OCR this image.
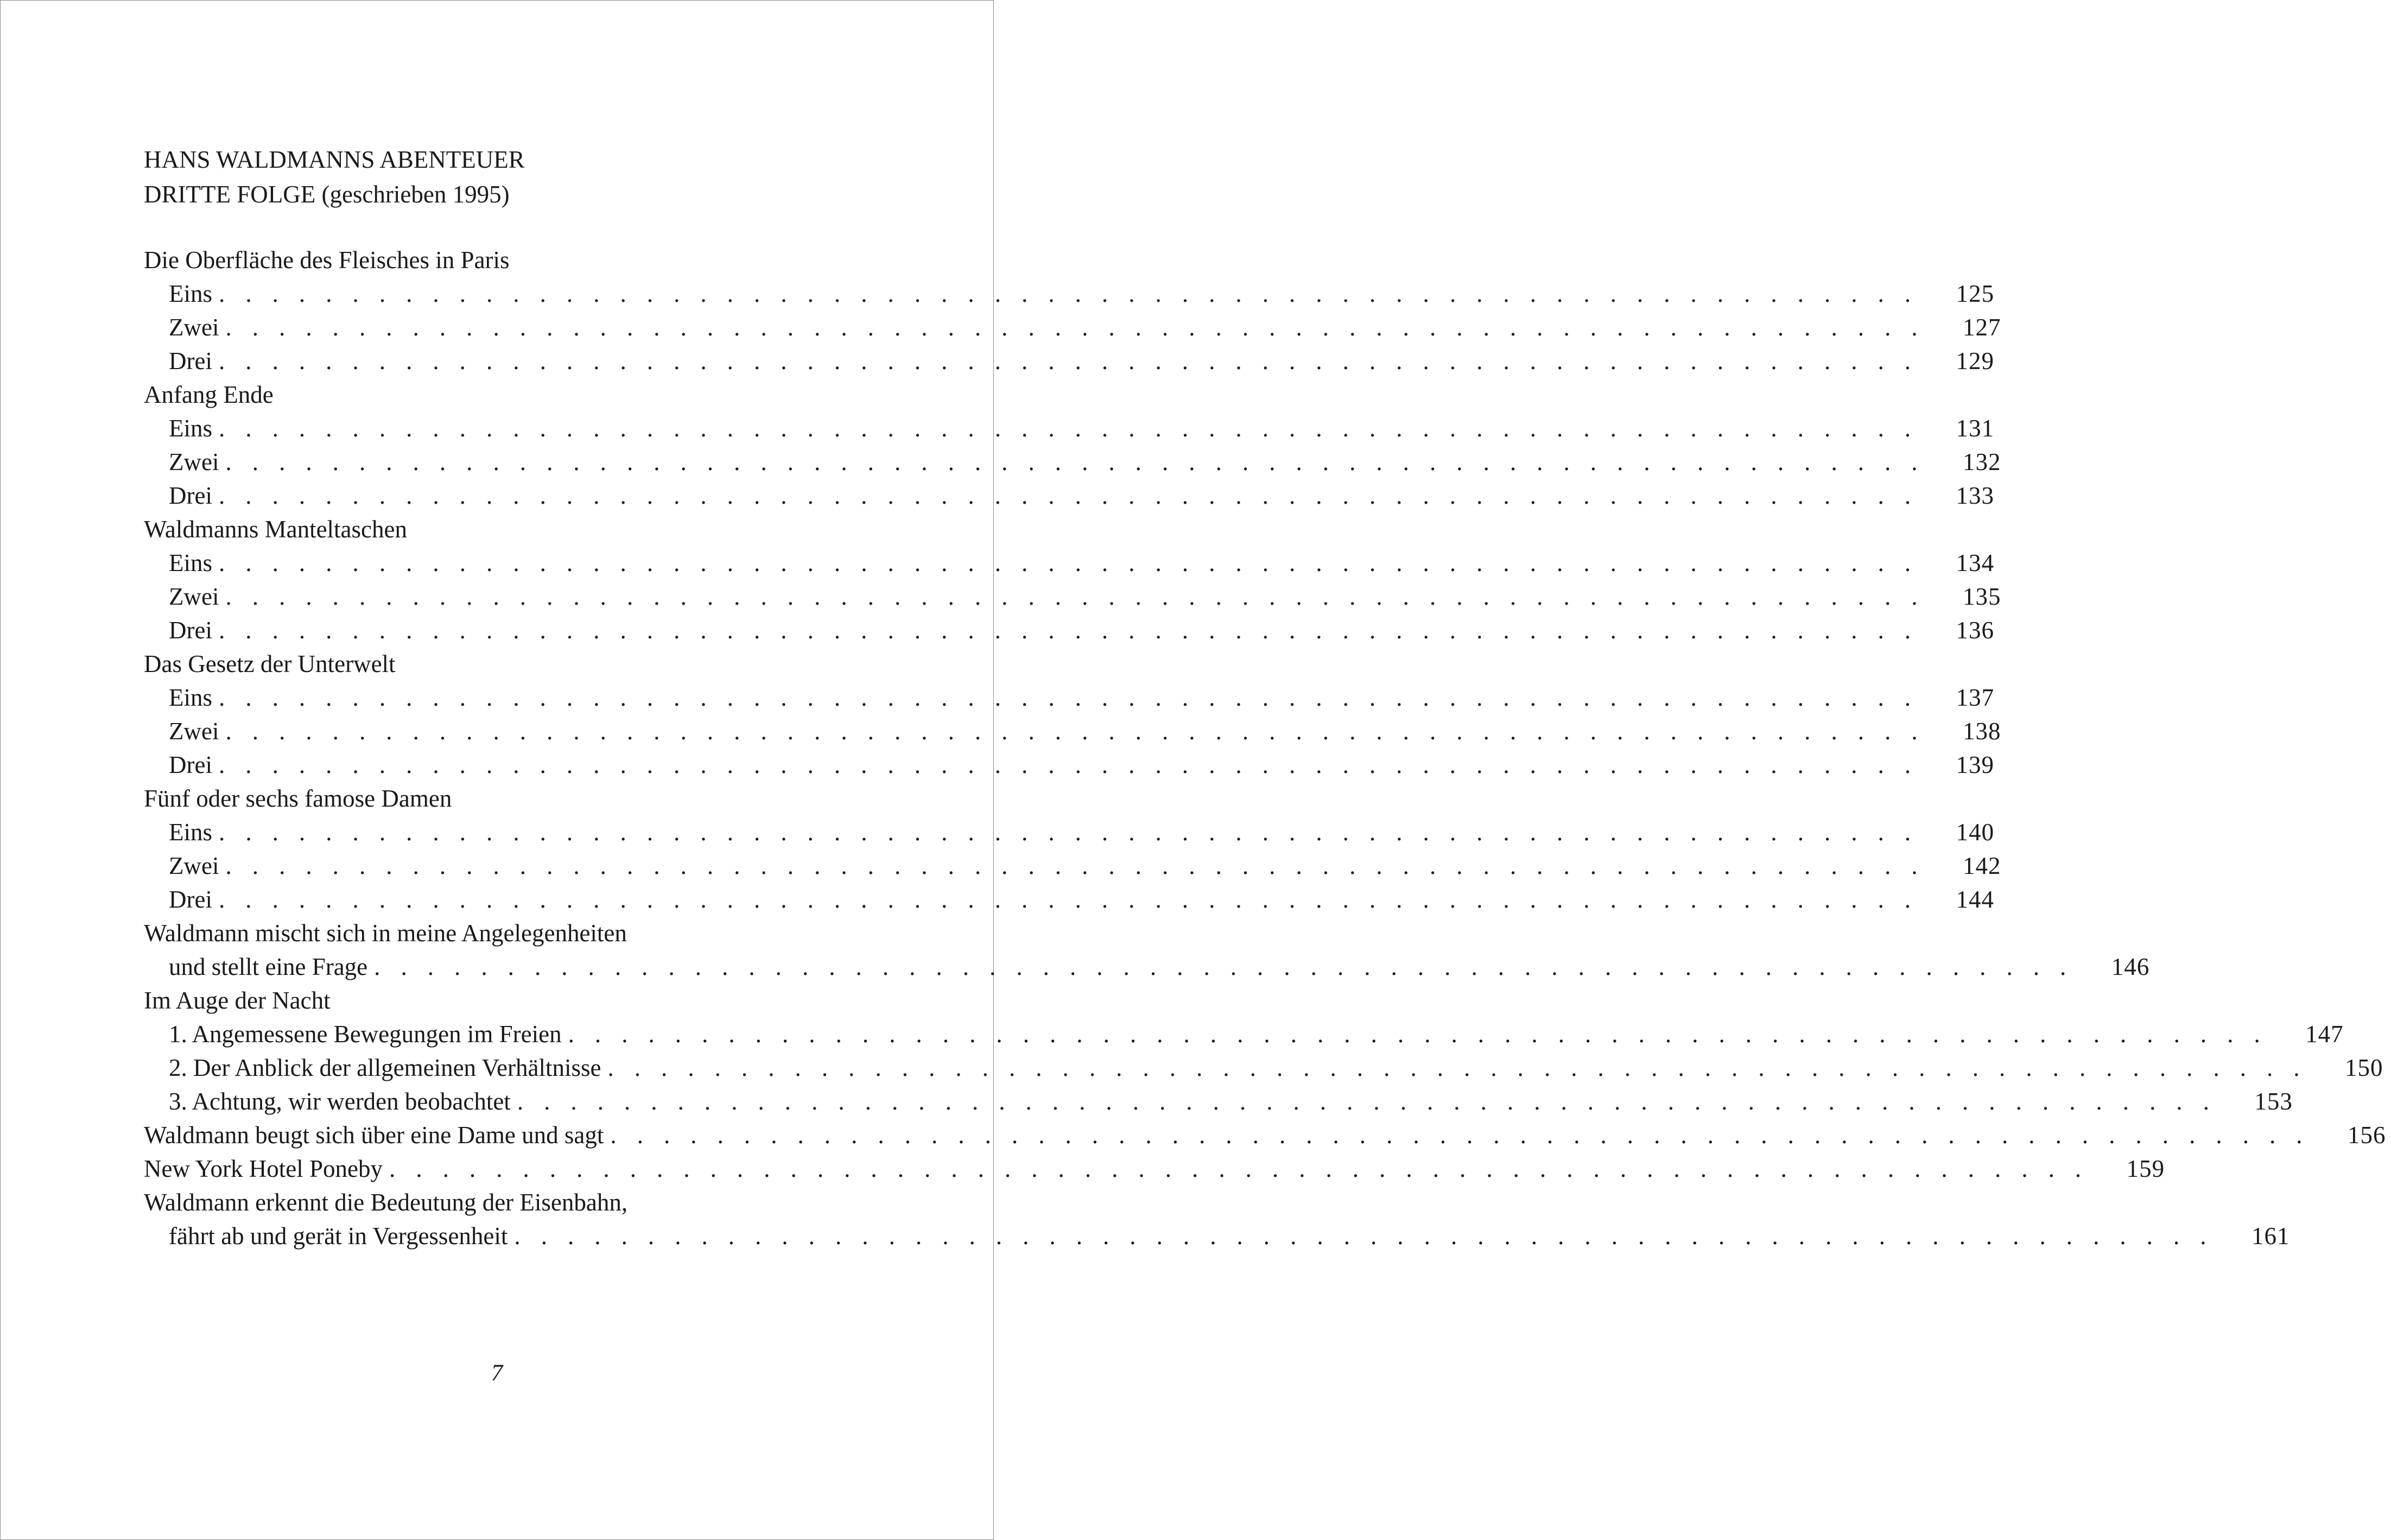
HANS WALDMANNS ABENTEUER
DRITTE FOLGE (geschrieben 1995)
Die Oberfläche des Fleisches in Paris
Eins . . . . . . . . . . . . . . . . . . . . . . . . . . . . . . . . . . . . . . . . . . . . . . . . . . . . . . . . . . . . . . . . 125
Zwei . . . . . . . . . . . . . . . . . . . . . . . . . . . . . . . . . . . . . . . . . . . . . . . . . . . . . . . . . . . . . . . . 127
Drei . . . . . . . . . . . . . . . . . . . . . . . . . . . . . . . . . . . . . . . . . . . . . . . . . . . . . . . . . . . . . . . . 129
Anfang Ende
Eins . . . . . . . . . . . . . . . . . . . . . . . . . . . . . . . . . . . . . . . . . . . . . . . . . . . . . . . . . . . . . . . . 131
Zwei . . . . . . . . . . . . . . . . . . . . . . . . . . . . . . . . . . . . . . . . . . . . . . . . . . . . . . . . . . . . . . . . 132
Drei . . . . . . . . . . . . . . . . . . . . . . . . . . . . . . . . . . . . . . . . . . . . . . . . . . . . . . . . . . . . . . . . 133
Waldmanns Manteltaschen
Eins . . . . . . . . . . . . . . . . . . . . . . . . . . . . . . . . . . . . . . . . . . . . . . . . . . . . . . . . . . . . . . . . 134
Zwei . . . . . . . . . . . . . . . . . . . . . . . . . . . . . . . . . . . . . . . . . . . . . . . . . . . . . . . . . . . . . . . . 135
Drei . . . . . . . . . . . . . . . . . . . . . . . . . . . . . . . . . . . . . . . . . . . . . . . . . . . . . . . . . . . . . . . . 136
Das Gesetz der Unterwelt
Eins . . . . . . . . . . . . . . . . . . . . . . . . . . . . . . . . . . . . . . . . . . . . . . . . . . . . . . . . . . . . . . . . 137
Zwei . . . . . . . . . . . . . . . . . . . . . . . . . . . . . . . . . . . . . . . . . . . . . . . . . . . . . . . . . . . . . . . . 138
Drei . . . . . . . . . . . . . . . . . . . . . . . . . . . . . . . . . . . . . . . . . . . . . . . . . . . . . . . . . . . . . . . . 139
Fünf oder sechs famose Damen
Eins . . . . . . . . . . . . . . . . . . . . . . . . . . . . . . . . . . . . . . . . . . . . . . . . . . . . . . . . . . . . . . . . 140
Zwei . . . . . . . . . . . . . . . . . . . . . . . . . . . . . . . . . . . . . . . . . . . . . . . . . . . . . . . . . . . . . . . . 142
Drei . . . . . . . . . . . . . . . . . . . . . . . . . . . . . . . . . . . . . . . . . . . . . . . . . . . . . . . . . . . . . . . . 144
Waldmann mischt sich in meine Angelegenheiten
und stellt eine Frage . . . . . . . . . . . . . . . . . . . . . . . . . . . . . . . . . . . . . . . . . . . . . . . . . . . . . . . . . . . . . . . . 146
Im Auge der Nacht
1. Angemessene Bewegungen im Freien . . . . . . . . . . . . . . . . . . . . . . . . . . . . . . . . . . . . . . . . . . . . . . . . . . . . . . . . . . . . . . . . 147
2. Der Anblick der allgemeinen Verhältnisse . . . . . . . . . . . . . . . . . . . . . . . . . . . . . . . . . . . . . . . . . . . . . . . . . . . . . . . . . . . . . . . . 150
3. Achtung, wir werden beobachtet . . . . . . . . . . . . . . . . . . . . . . . . . . . . . . . . . . . . . . . . . . . . . . . . . . . . . . . . . . . . . . . . 153
Waldmann beugt sich über eine Dame und sagt . . . . . . . . . . . . . . . . . . . . . . . . . . . . . . . . . . . . . . . . . . . . . . . . . . . . . . . . . . . . . . . . 156
New York Hotel Poneby . . . . . . . . . . . . . . . . . . . . . . . . . . . . . . . . . . . . . . . . . . . . . . . . . . . . . . . . . . . . . . . . 159
Waldmann erkennt die Bedeutung der Eisenbahn,
fährt ab und gerät in Vergessenheit . . . . . . . . . . . . . . . . . . . . . . . . . . . . . . . . . . . . . . . . . . . . . . . . . . . . . . . . . . . . . . . . 161
7
